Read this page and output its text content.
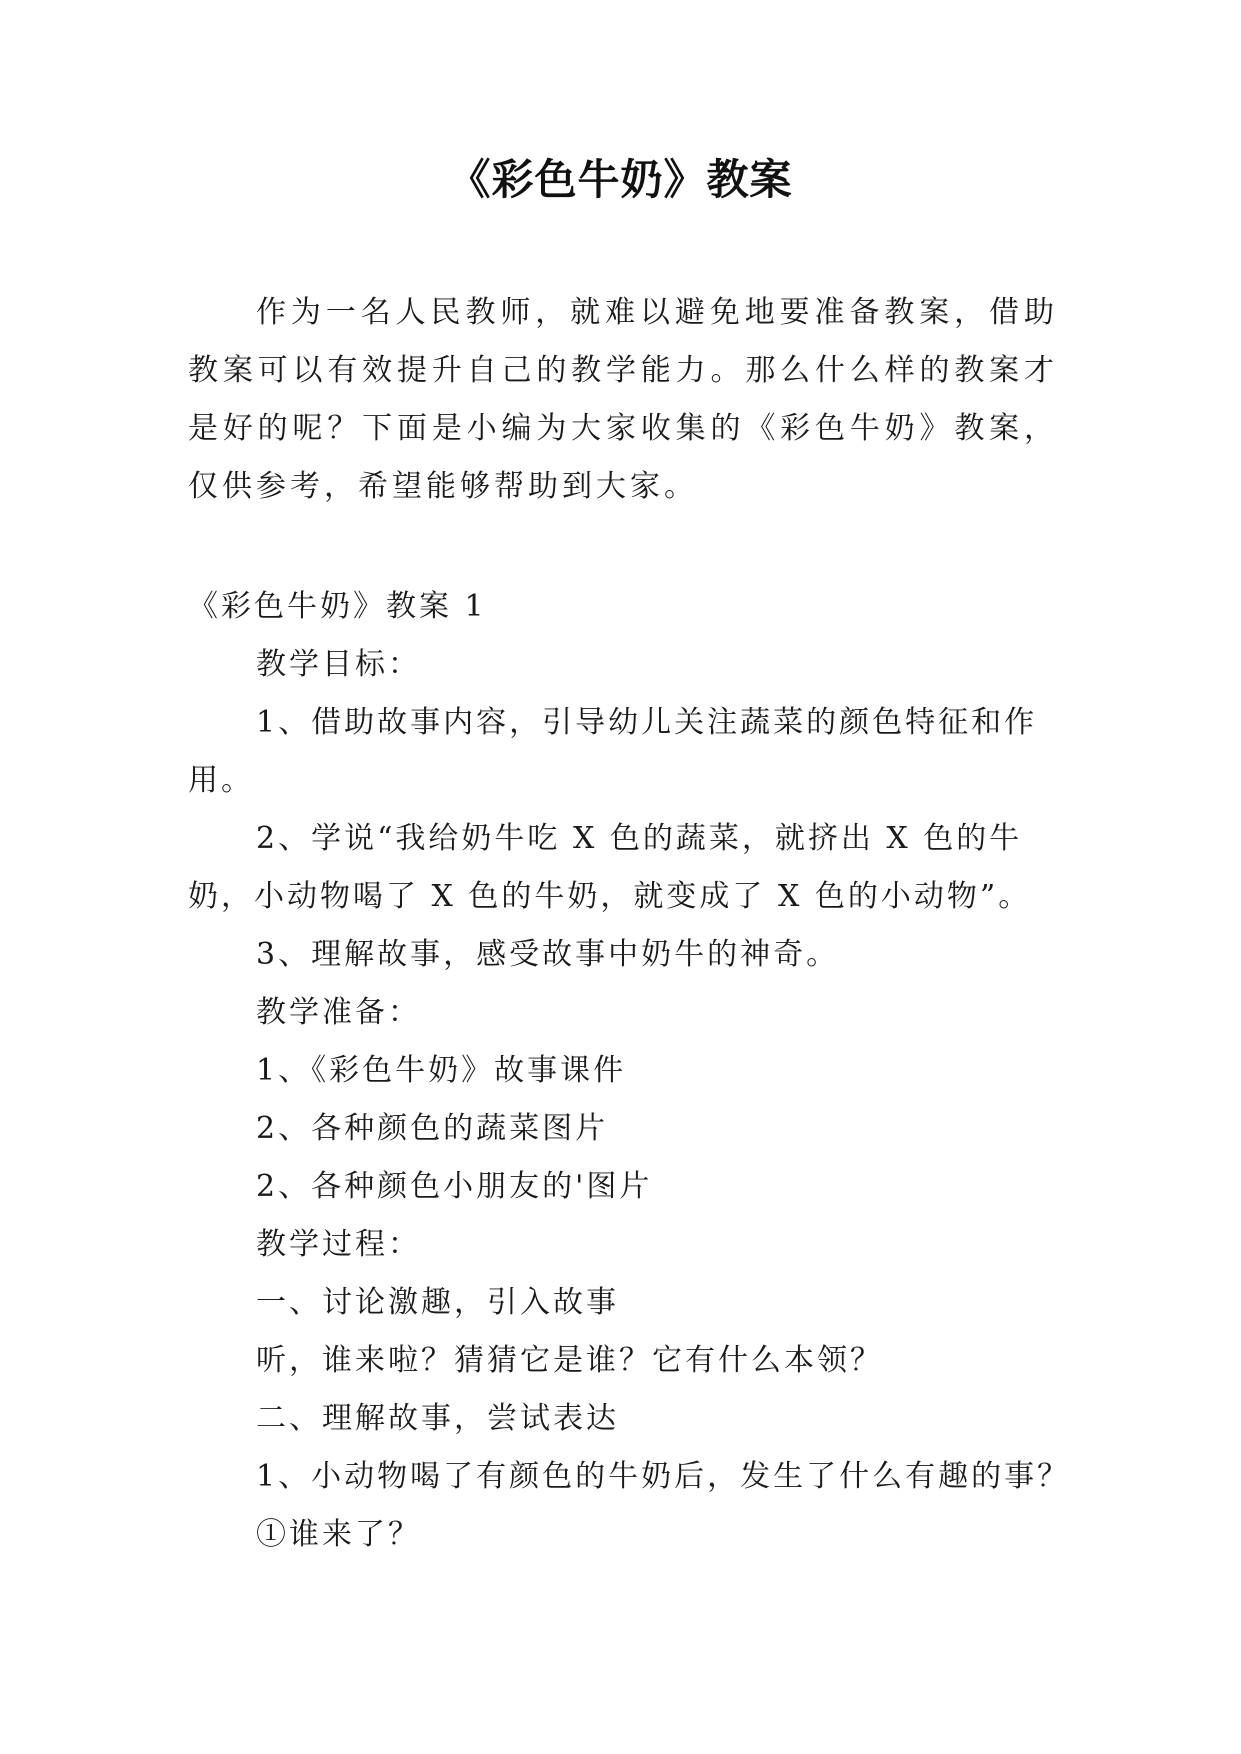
《彩色牛奶》教案

作为一名人民教师，就难以避免地要准备教案，借助教案可以有效提升自己的教学能力。那么什么样的教案才是好的呢？下面是小编为大家收集的《彩色牛奶》教案，仅供参考，希望能够帮助到大家。

《彩色牛奶》教案 1

教学目标：

1、借助故事内容，引导幼儿关注蔬菜的颜色特征和作用。

2、学说“我给奶牛吃 X 色的蔬菜，就挤出 X 色的牛奶，小动物喝了 X 色的牛奶，就变成了 X 色的小动物”。

3、理解故事，感受故事中奶牛的神奇。

教学准备：

1、《彩色牛奶》故事课件

2、各种颜色的蔬菜图片

2、各种颜色小朋友的'图片

教学过程：

一、讨论激趣，引入故事

听，谁来啦？猜猜它是谁？它有什么本领？

二、理解故事，尝试表达

1、小动物喝了有颜色的牛奶后，发生了什么有趣的事？

①谁来了？
